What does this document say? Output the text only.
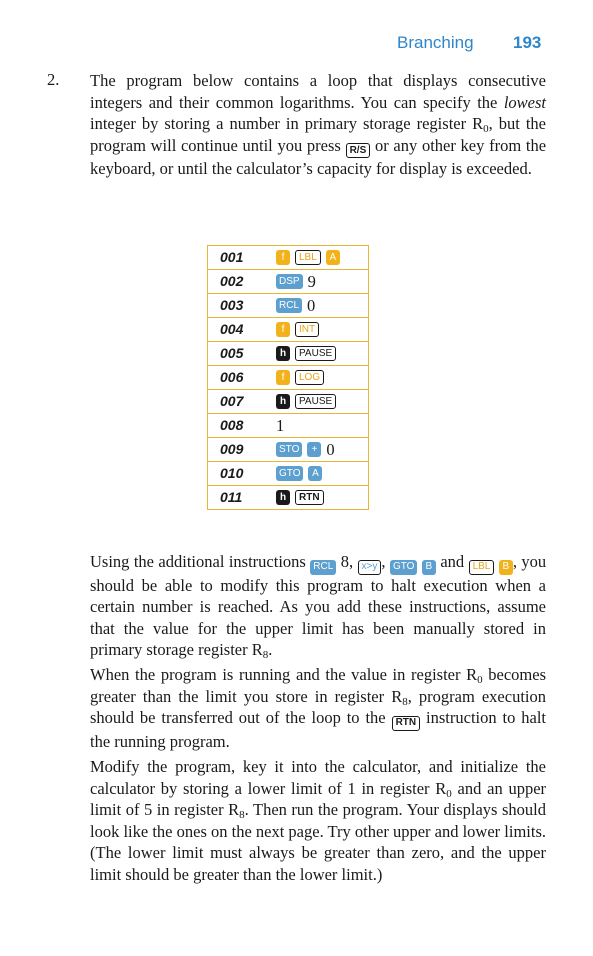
Branching 193
2. The program below contains a loop that displays consecutive integers and their common logarithms. You can specify the lowest integer by storing a number in primary storage register $R_0$, but the program will continue until you press R/S or any other key from the keyboard, or until the calculator’s capacity for display is exceeded.

001	f	LBL	A
002	DSP 9
003	RCL 0
004	f	INT
005	h	PAUSE
006	f	LOG
007	h	PAUSE
008 1
009	STO	+ 0
010	GTO	A
011	h	RTN

Using the additional instructions RCL 8, x>y , GTO B and LBL B , you should be able to modify this program to halt execution when a certain number is reached. As you add these instructions, assume that the value for the upper limit has been manually stored in primary storage register $R_8$.

When the program is running and the value in register $R_0$ becomes greater than the limit you store in register $R_8$, program execution should be transferred out of the loop to the RTN instruction to halt the running program.

Modify the program, key it into the calculator, and initialize the calculator by storing a lower limit of 1 in register $R_0$ and an upper limit of 5 in register $R_8$. Then run the program. Your displays should look like the ones on the next page. Try other upper and lower limits. (The lower limit must always be greater than zero, and the upper limit should be greater than the lower limit.)
